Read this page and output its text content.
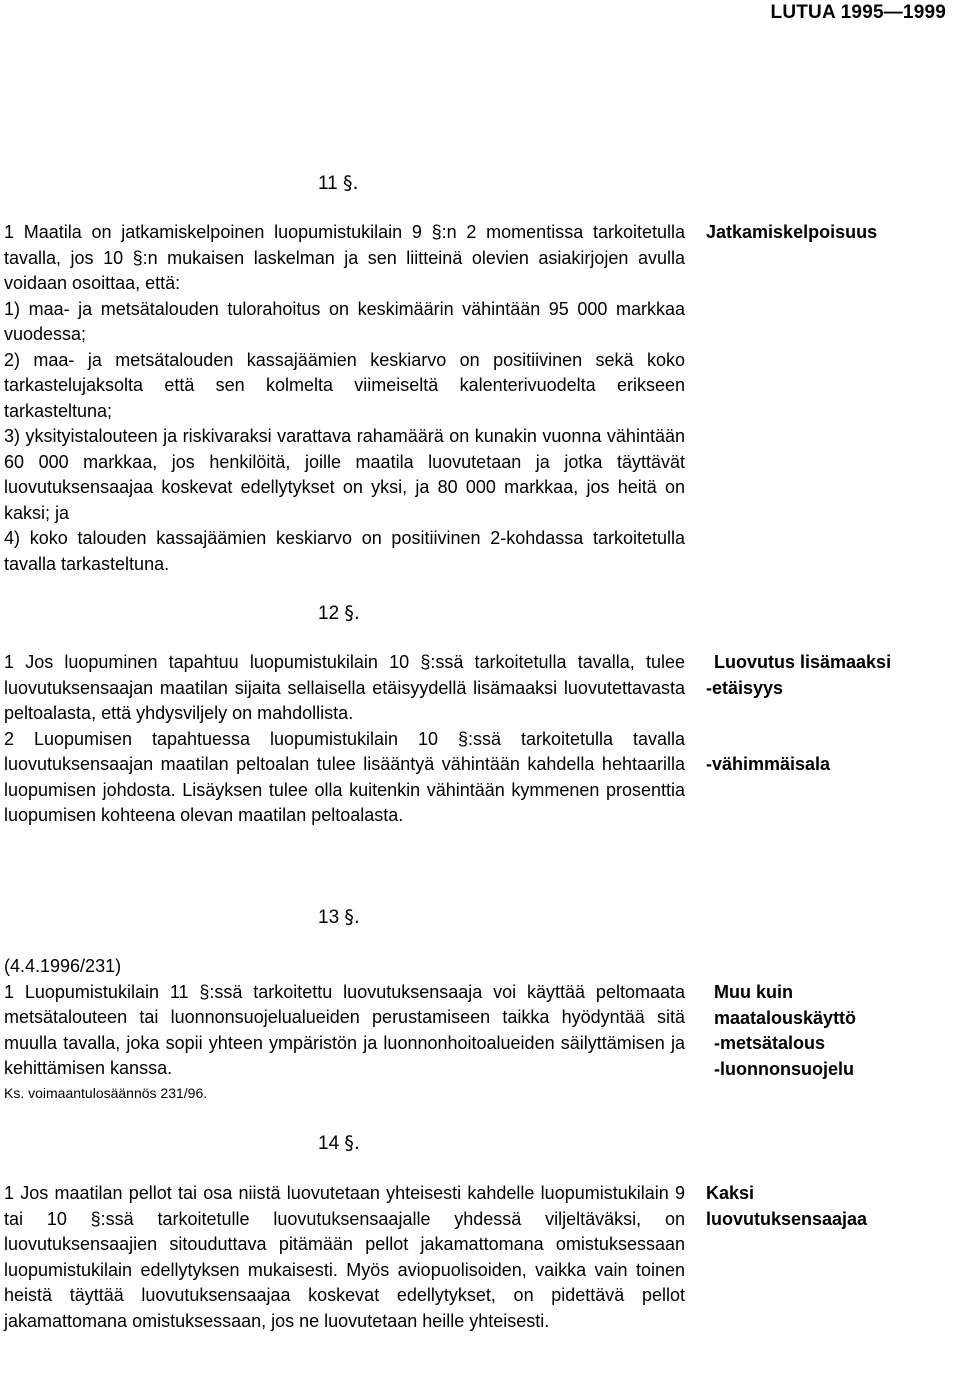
LUTUA 1995—1999
11 §.

1 Maatila on jatkamiskelpoinen luopumistukilain 9 §:n 2 momentissa tarkoitetulla tavalla, jos 10 §:n mukaisen laskelman ja sen liitteinä olevien asiakirjojen avulla voidaan osoittaa, että:

1) maa- ja metsätalouden tulorahoitus on keskimäärin vähintään 95 000 markkaa vuodessa;

2) maa- ja metsätalouden kassajäämien keskiarvo on positiivinen sekä koko tarkastelujaksolta että sen kolmelta viimeiseltä kalenterivuodelta erikseen tarkasteltuna;

3) yksityistalouteen ja riskivaraksi varattava rahamäärä on kunakin vuonna vähintään 60 000 markkaa, jos henkilöitä, joille maatila luovutetaan ja jotka täyttävät luovutuksensaajaa koskevat edellytykset on yksi, ja 80 000 markkaa, jos heitä on kaksi; ja

4) koko talouden kassajäämien keskiarvo on positiivinen 2-kohdassa tarkoitetulla tavalla tarkasteltuna.

Jatkamiskelpoisuus
12 §.

1 Jos luopuminen tapahtuu luopumistukilain 10 §:ssä tarkoitetulla tavalla, tulee luovutuksensaajan maatilan sijaita sellaisella etäisyydellä lisämaaksi luovutettavasta peltoalasta, että yhdysviljely on mahdollista.

2 Luopumisen tapahtuessa luopumistukilain 10 §:ssä tarkoitetulla tavalla luovutuksensaajan maatilan peltoalan tulee lisääntyä vähintään kahdella hehtaarilla luopumisen johdosta. Lisäyksen tulee olla kuitenkin vähintään kymmenen prosenttia luopumisen kohteena olevan maatilan peltoalasta.

Luovutus lisämaaksi
-etäisyys
-vähimmäisala
13 §.

(4.4.1996/231)

1 Luopumistukilain 11 §:ssä tarkoitettu luovutuksensaaja voi käyttää peltomaata metsätalouteen tai luonnonsuojelualueiden perustamiseen taikka hyödyntää sitä muulla tavalla, joka sopii yhteen ympäristön ja luonnonhoitoalueiden säilyttämisen ja kehittämisen kanssa.

Ks. voimaantulosäännös 231/96.

Muu kuin
maatalouskäyttö
-metsätalous
-luonnonsuojelu
14 §.

1 Jos maatilan pellot tai osa niistä luovutetaan yhteisesti kahdelle luopumistukilain 9 tai 10 §:ssä tarkoitetulle luovutuksensaajalle yhdessä viljeltäväksi, on luovutuksensaajien sitouduttava pitämään pellot jakamattomana omistuksessaan luopumistukilain edellytyksen mukaisesti. Myös aviopuolisoiden, vaikka vain toinen heistä täyttää luovutuksensaajaa koskevat edellytykset, on pidettävä pellot jakamattomana omistuksessaan, jos ne luovutetaan heille yhteisesti.

Kaksi
luovutuksensaajaa
